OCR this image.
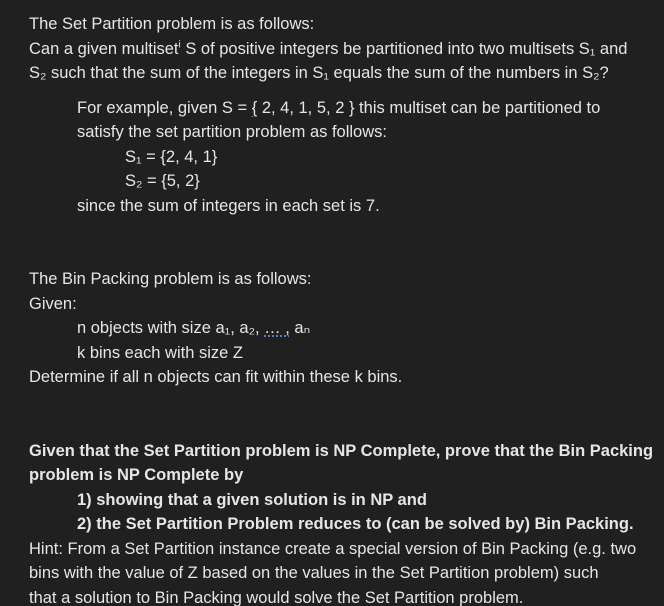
The Set Partition problem is as follows:
Can a given multiset$^i$ S of positive integers be partitioned into two multisets S₁ and
S₂ such that the sum of the integers in S₁ equals the sum of the numbers in S₂?
For example, given S = { 2, 4, 1, 5, 2 } this multiset can be partitioned to
satisfy the set partition problem as follows:
S₁ = {2, 4, 1}
S₂ = {5, 2}
since the sum of integers in each set is 7.
The Bin Packing problem is as follows:
Given:
n objects with size a₁, a₂, … , aₙ
k bins each with size Z
Determine if all n objects can fit within these k bins.
Given that the Set Partition problem is NP Complete, prove that the Bin Packing
problem is NP Complete by
1) showing that a given solution is in NP and
2) the Set Partition Problem reduces to (can be solved by) Bin Packing.
Hint: From a Set Partition instance create a special version of Bin Packing (e.g. two
bins with the value of Z based on the values in the Set Partition problem) such
that a solution to Bin Packing would solve the Set Partition problem.
